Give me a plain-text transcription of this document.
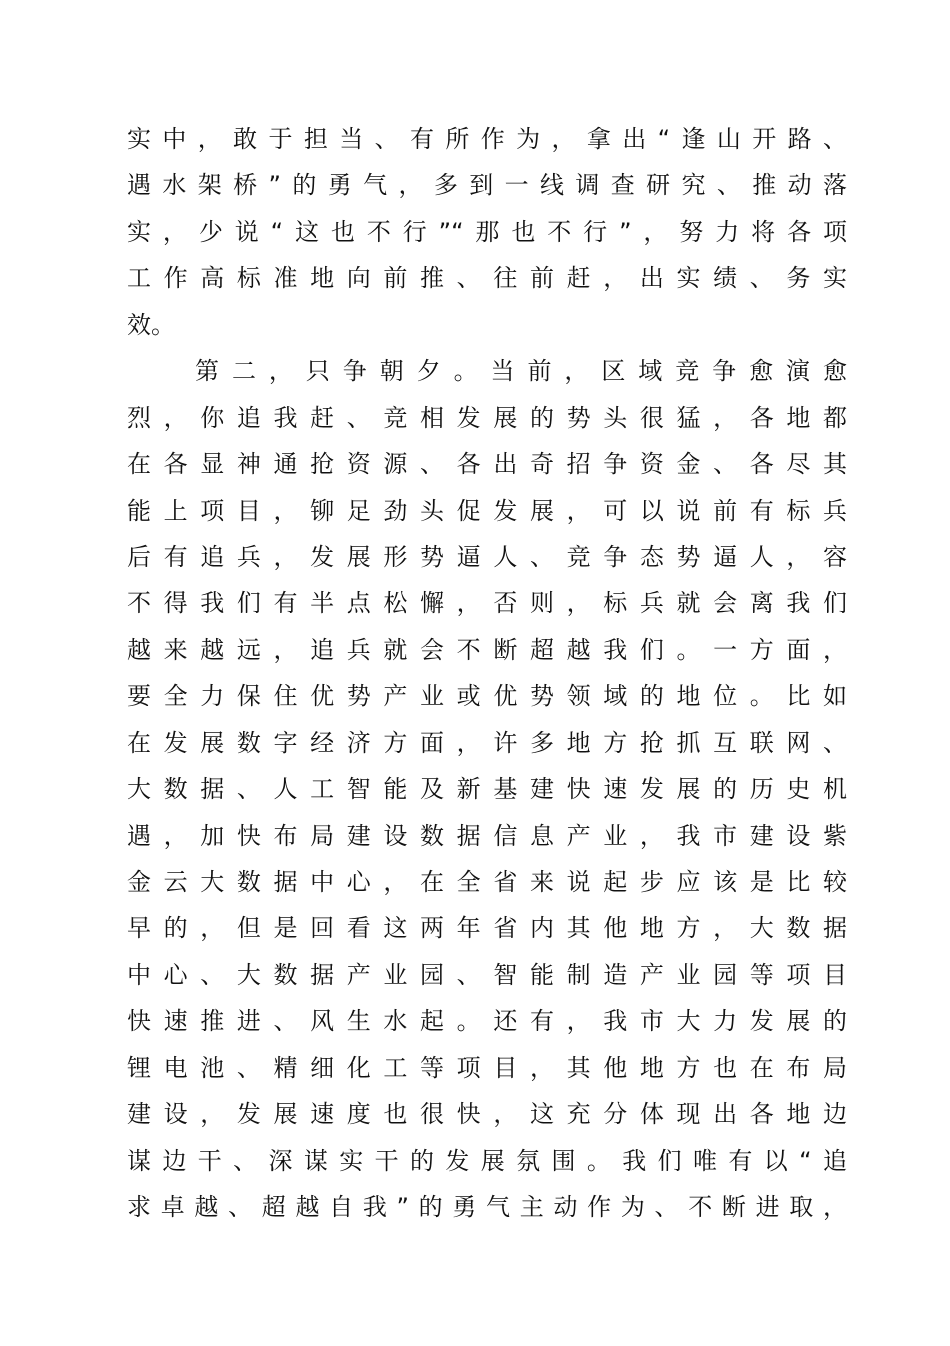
实中，敢于担当、有所作为，拿出“逢山开路、
遇水架桥”的勇气，多到一线调查研究、推动落
实，少说“这也不行”“那也不行”，努力将各项
工作高标准地向前推、往前赶，出实绩、务实
效。
第二，只争朝夕。当前，区域竞争愈演愈
烈，你追我赶、竞相发展的势头很猛，各地都
在各显神通抢资源、各出奇招争资金、各尽其
能上项目，铆足劲头促发展，可以说前有标兵
后有追兵，发展形势逼人、竞争态势逼人，容
不得我们有半点松懈，否则，标兵就会离我们
越来越远，追兵就会不断超越我们。一方面，
要全力保住优势产业或优势领域的地位。比如
在发展数字经济方面，许多地方抢抓互联网、
大数据、人工智能及新基建快速发展的历史机
遇，加快布局建设数据信息产业，我市建设紫
金云大数据中心，在全省来说起步应该是比较
早的，但是回看这两年省内其他地方，大数据
中心、大数据产业园、智能制造产业园等项目
快速推进、风生水起。还有，我市大力发展的
锂电池、精细化工等项目，其他地方也在布局
建设，发展速度也很快，这充分体现出各地边
谋边干、深谋实干的发展氛围。我们唯有以“追
求卓越、超越自我”的勇气主动作为、不断进取，
